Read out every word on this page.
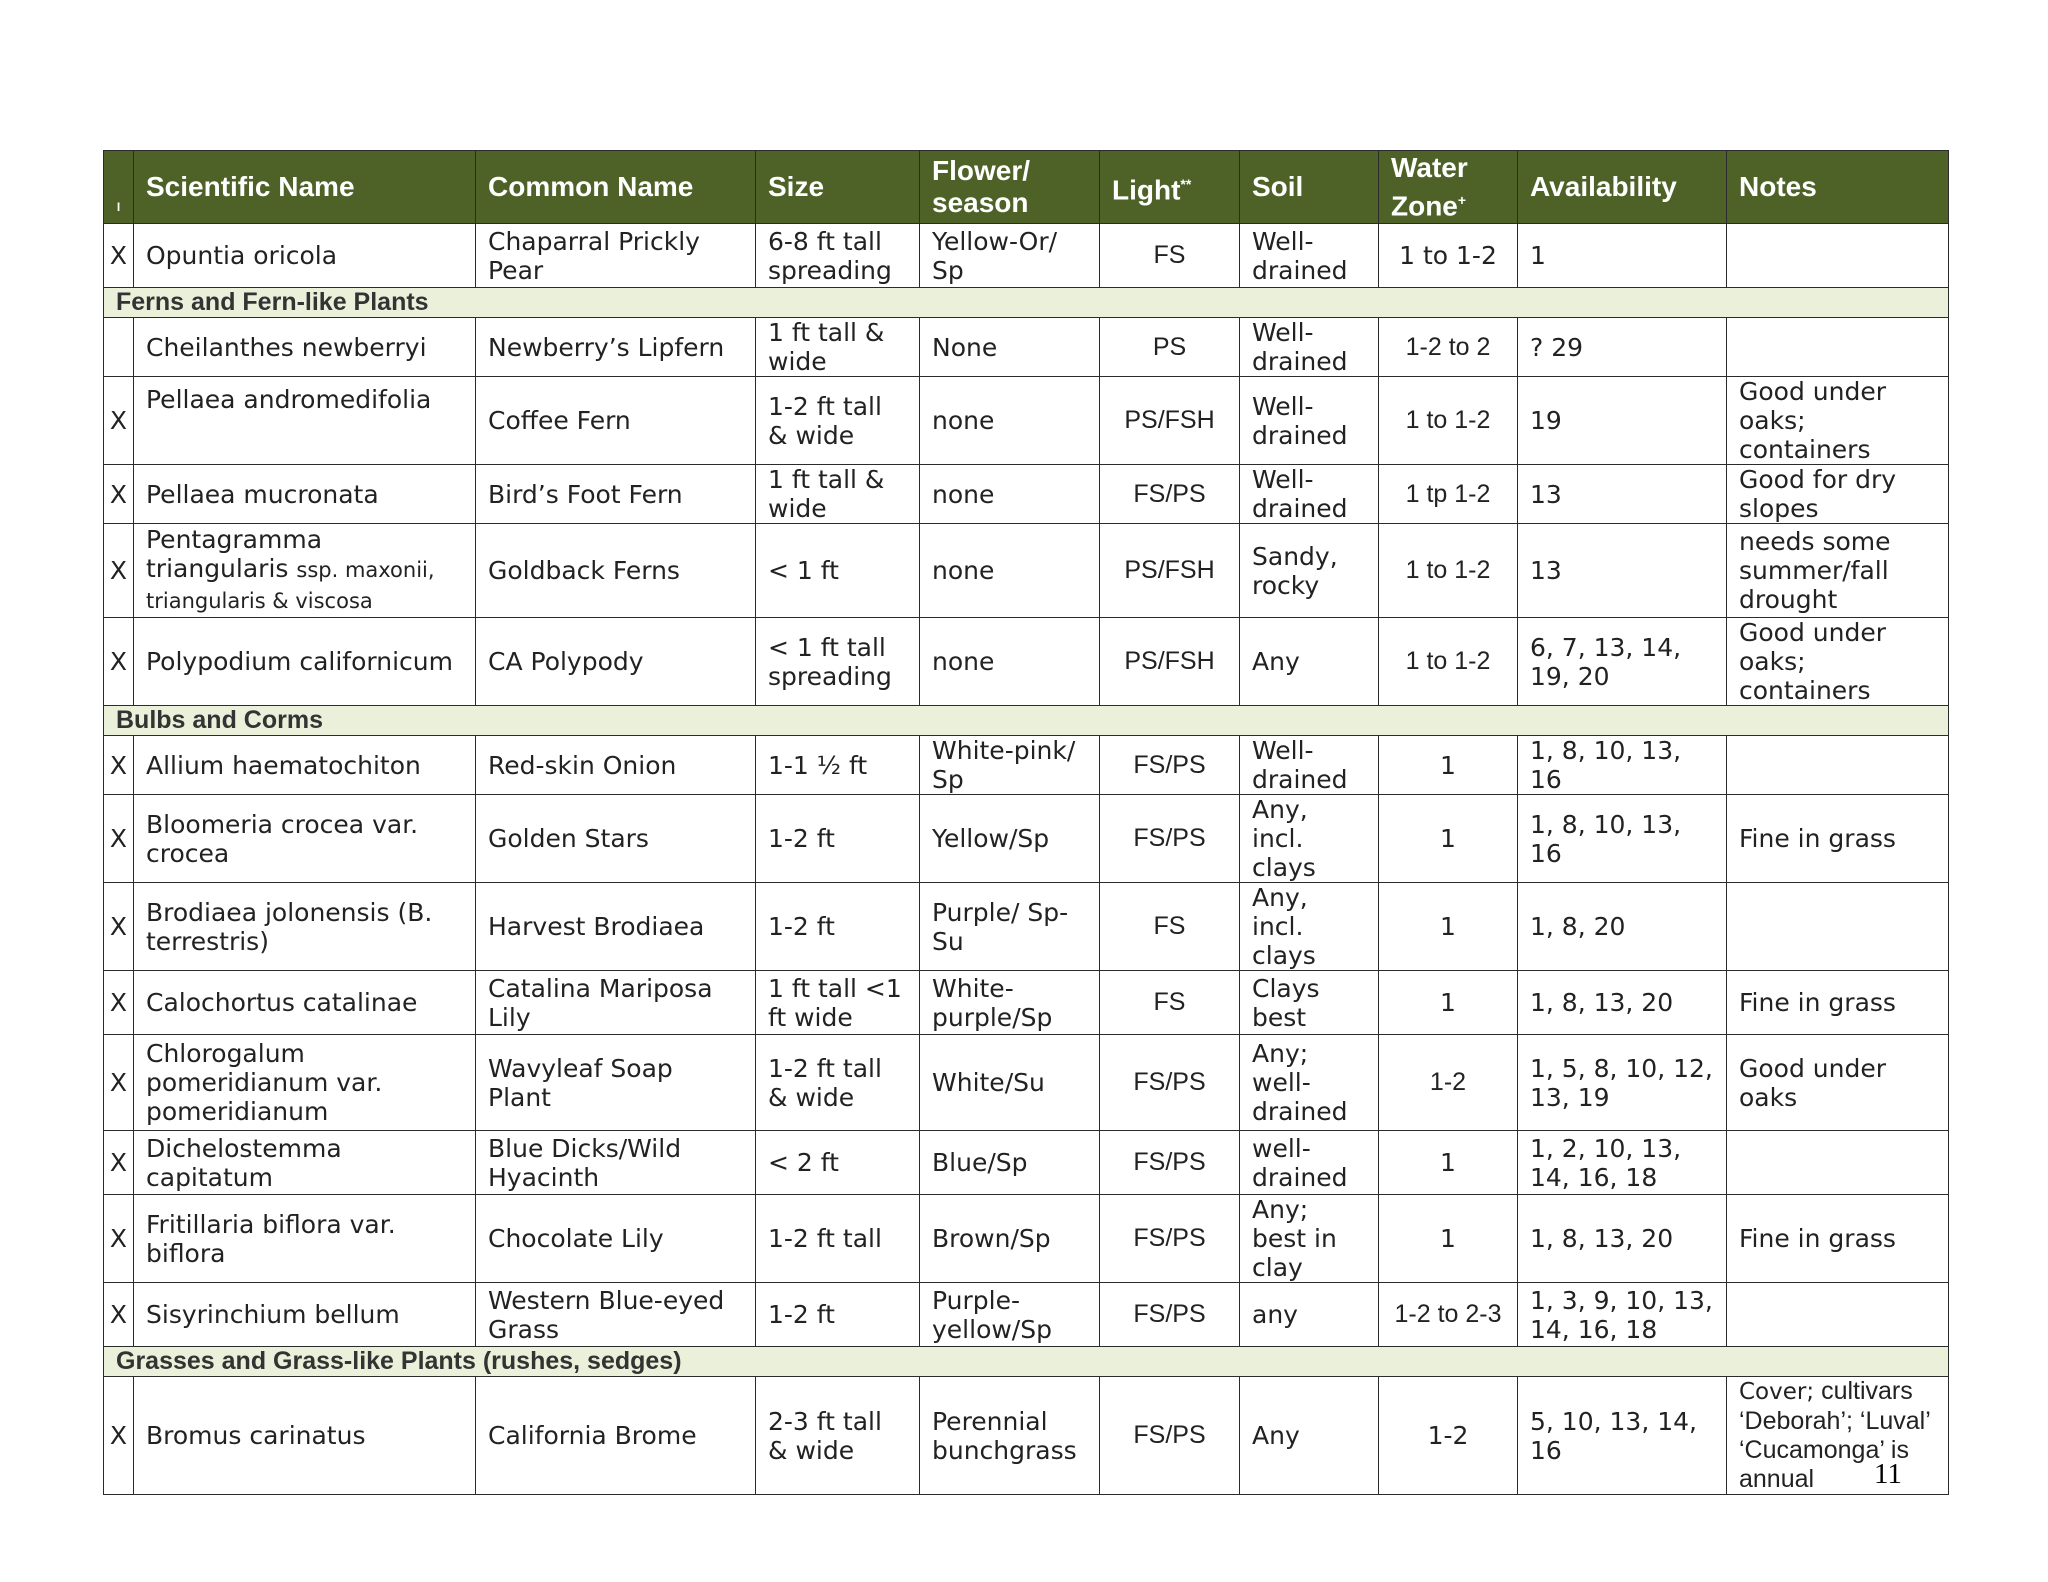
I	Scientific Name	Common Name	Size	Flower/ season	Light**	Soil	Water Zone+	Availability	Notes
X	Opuntia oricola	Chaparral Prickly Pear	6-8 ft tall spreading	Yellow-Or/ Sp	FS	Well-drained	1 to 1-2	1	
Ferns and Fern-like Plants									
	Cheilanthes newberryi	Newberry’s Lipfern	1 ft tall & wide	None	PS	Well-drained	1-2 to 2	? 29	
X	Pellaea andromedifolia	Coffee Fern	1-2 ft tall & wide	none	PS/FSH	Well-drained	1 to 1-2	19	Good under oaks; containers
X	Pellaea mucronata	Bird’s Foot Fern	1 ft tall & wide	none	FS/PS	Well-drained	1 tp 1-2	13	Good for dry slopes
X	Pentagramma triangularis ssp. maxonii, triangularis & viscosa	Goldback Ferns	< 1 ft	none	PS/FSH	Sandy, rocky	1 to 1-2	13	needs some summer/fall drought
X	Polypodium californicum	CA Polypody	< 1 ft tall spreading	none	PS/FSH	Any	1 to 1-2	6, 7, 13, 14, 19, 20	Good under oaks; containers
Bulbs and Corms									
X	Allium haematochiton	Red-skin Onion	1-1 ½ ft	White-pink/ Sp	FS/PS	Well-drained	1	1, 8, 10, 13, 16	
X	Bloomeria crocea var. crocea	Golden Stars	1-2 ft	Yellow/Sp	FS/PS	Any, incl. clays	1	1, 8, 10, 13, 16	Fine in grass
X	Brodiaea jolonensis (B. terrestris)	Harvest Brodiaea	1-2 ft	Purple/ Sp-Su	FS	Any, incl. clays	1	1, 8, 20	
X	Calochortus catalinae	Catalina Mariposa Lily	1 ft tall <1 ft wide	White-purple/Sp	FS	Clays best	1	1, 8, 13, 20	Fine in grass
X	Chlorogalum pomeridianum var. pomeridianum	Wavyleaf Soap Plant	1-2 ft tall & wide	White/Su	FS/PS	Any; well-drained	1-2	1, 5, 8, 10, 12, 13, 19	Good under oaks
X	Dichelostemma capitatum	Blue Dicks/Wild Hyacinth	< 2 ft	Blue/Sp	FS/PS	well-drained	1	1, 2, 10, 13, 14, 16, 18	
X	Fritillaria biflora var. biflora	Chocolate Lily	1-2 ft tall	Brown/Sp	FS/PS	Any; best in clay	1	1, 8, 13, 20	Fine in grass
X	Sisyrinchium bellum	Western Blue-eyed Grass	1-2 ft	Purple-yellow/Sp	FS/PS	any	1-2 to 2-3	1, 3, 9, 10, 13, 14, 16, 18	
Grasses and Grass-like Plants (rushes, sedges)									
X	Bromus carinatus	California Brome	2-3 ft tall & wide	Perennial bunchgrass	FS/PS	Any	1-2	5, 10, 13, 14, 16	Cover; cultivars ‘Deborah’; ‘Luval’ ‘Cucamonga’ is annual 11
